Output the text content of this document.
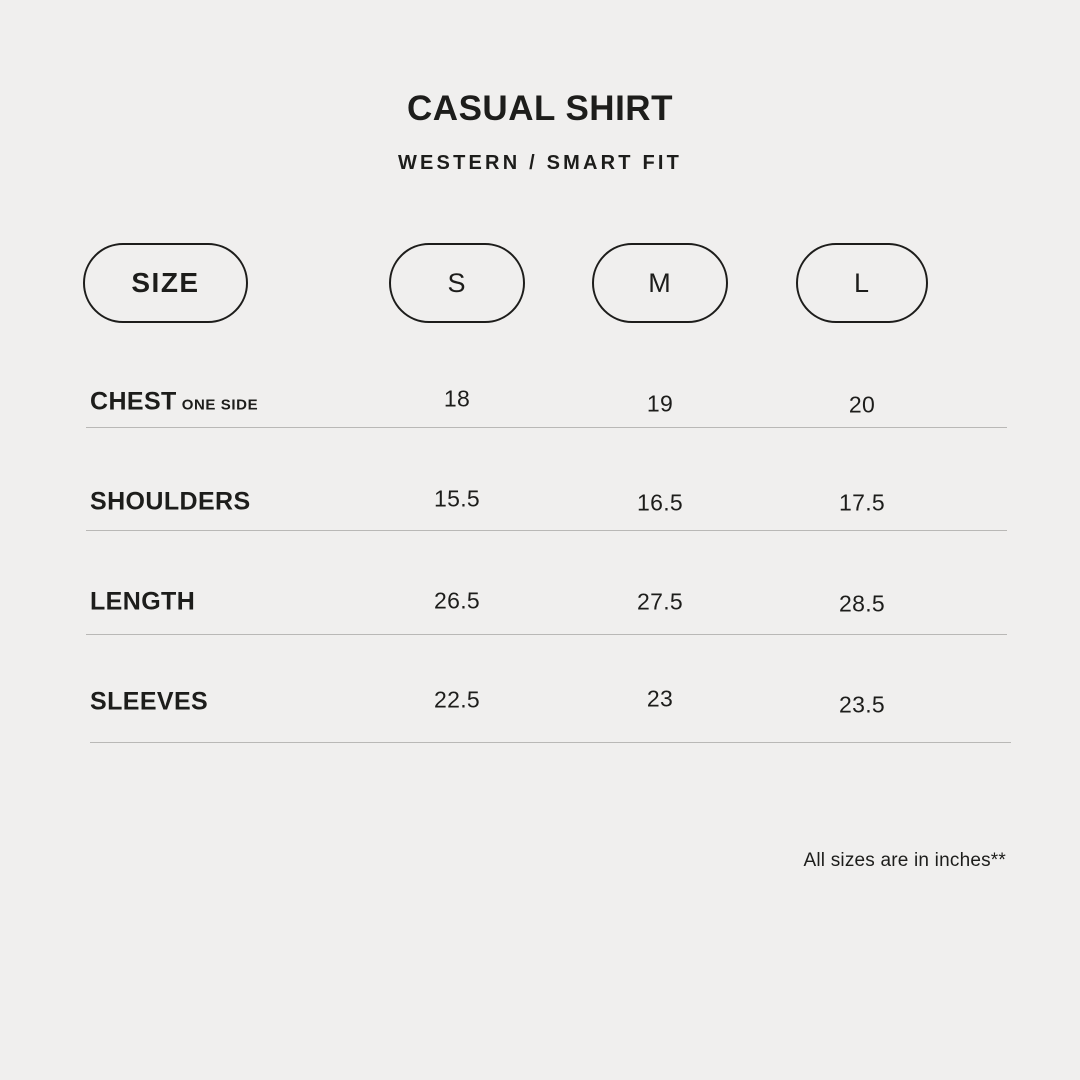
CASUAL SHIRT
WESTERN / SMART FIT
SIZE	S	M	L
CHEST ONE SIDE	18	19	20
SHOULDERS	15.5	16.5	17.5
LENGTH	26.5	27.5	28.5
SLEEVES	22.5	23	23.5
All sizes are in inches**
